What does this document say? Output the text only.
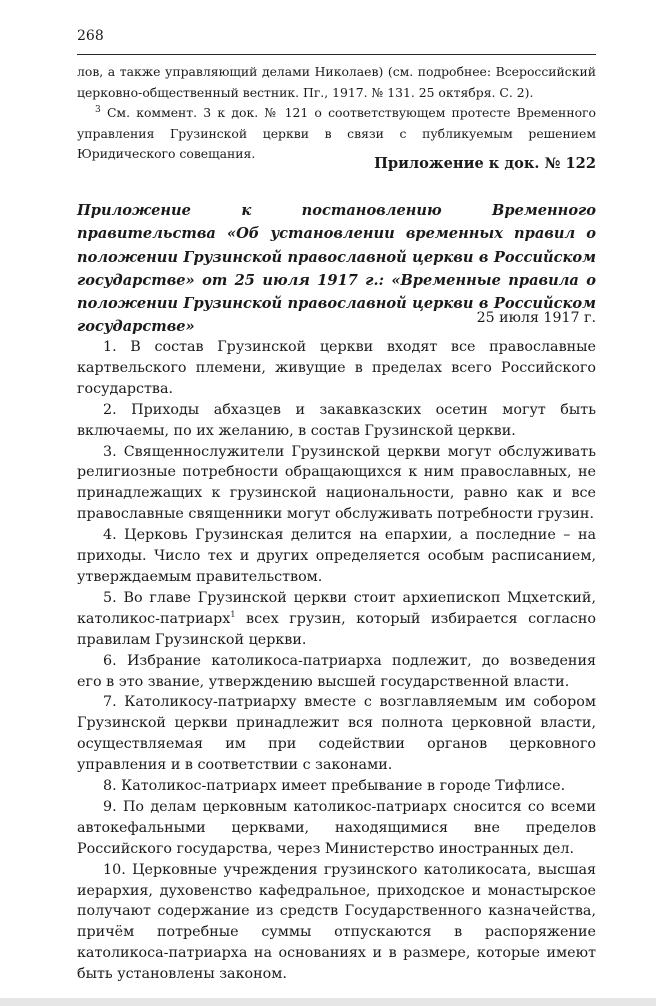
268

лов, а также управляющий делами Николаев) (см. подробнее: Всероссийский церковно-общественный вестник. Пг., 1917. № 131. 25 октября. С. 2).

$^3$ См. коммент. 3 к док. № 121 о соответствующем протесте Временного управления Грузинской церкви в связи с публикуемым решением Юридического совещания.

Приложение к док. № 122
Приложение к постановлению Временного правительства «Об установлении временных правил о положении Грузинской православной церкви в Российском государстве» от 25 июля 1917 г.: «Временные правила о положении Грузинской православной церкви в Российском государстве»
25 июля 1917 г.

1. В состав Грузинской церкви входят все православные картвельского племени, живущие в пределах всего Российского государства.

2. Приходы абхазцев и закавказских осетин могут быть включаемы, по их желанию, в состав Грузинской церкви.

3. Священнослужители Грузинской церкви могут обслуживать религиозные потребности обращающихся к ним православных, не принадлежащих к грузинской национальности, равно как и все православные священники могут обслуживать потребности грузин.

4. Церковь Грузинская делится на епархии, а последние – на приходы. Число тех и других определяется особым расписанием, утверждаемым правительством.

5. Во главе Грузинской церкви стоит архиепископ Мцхетский, католикос-патриарх$^1$ всех грузин, который избирается согласно правилам Грузинской церкви.

6. Избрание католикоса-патриарха подлежит, до возведения его в это звание, утверждению высшей государственной власти.

7. Католикосу-патриарху вместе с возглавляемым им собором Грузинской церкви принадлежит вся полнота церковной власти, осуществляемая им при содействии органов церковного управления и в соответствии с законами.

8. Католикос-патриарх имеет пребывание в городе Тифлисе.

9. По делам церковным католикос-патриарх сносится со всеми автокефальными церквами, находящимися вне пределов Российского государства, через Министерство иностранных дел.

10. Церковные учреждения грузинского католикосата, высшая иерархия, духовенство кафедральное, приходское и монастырское получают содержание из средств Государственного казначейства, причём потребные суммы отпускаются в распоряжение католикоса-патриарха на основаниях и в размере, которые имеют быть установлены законом.
